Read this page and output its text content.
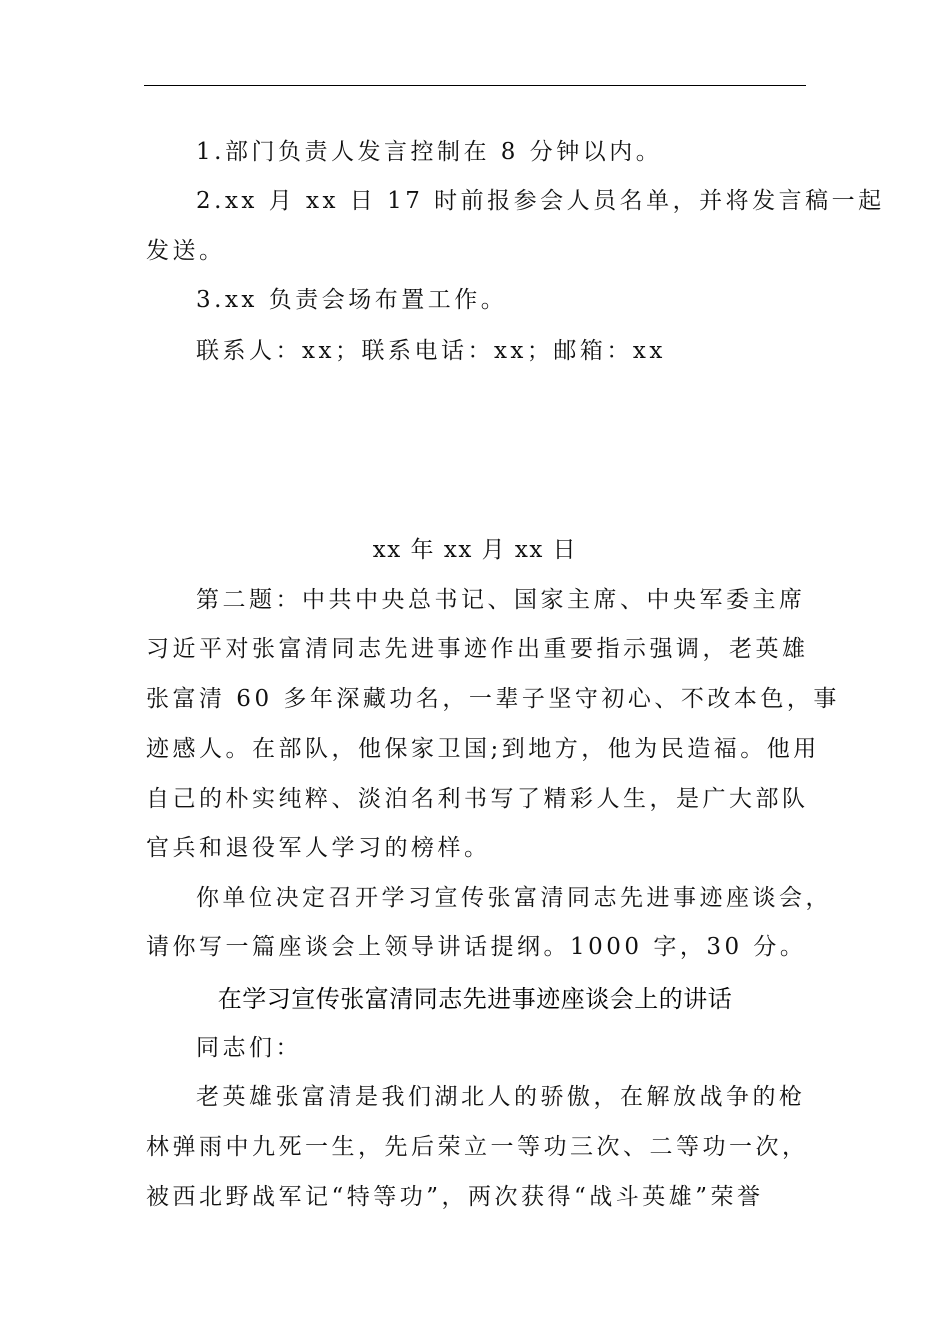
1.部门负责人发言控制在 8 分钟以内。
2.xx 月 xx 日 17 时前报参会人员名单，并将发言稿一起
发送。
3.xx 负责会场布置工作。
联系人：xx；联系电话：xx；邮箱：xx
xx 年 xx 月 xx 日
第二题：中共中央总书记、国家主席、中央军委主席
习近平对张富清同志先进事迹作出重要指示强调，老英雄
张富清 60 多年深藏功名，一辈子坚守初心、不改本色，事
迹感人。在部队，他保家卫国;到地方，他为民造福。他用
自己的朴实纯粹、淡泊名利书写了精彩人生，是广大部队
官兵和退役军人学习的榜样。
你单位决定召开学习宣传张富清同志先进事迹座谈会，
请你写一篇座谈会上领导讲话提纲。1000 字，30 分。
在学习宣传张富清同志先进事迹座谈会上的讲话
同志们：
老英雄张富清是我们湖北人的骄傲，在解放战争的枪
林弹雨中九死一生，先后荣立一等功三次、二等功一次，
被西北野战军记“特等功”，两次获得“战斗英雄”荣誉
